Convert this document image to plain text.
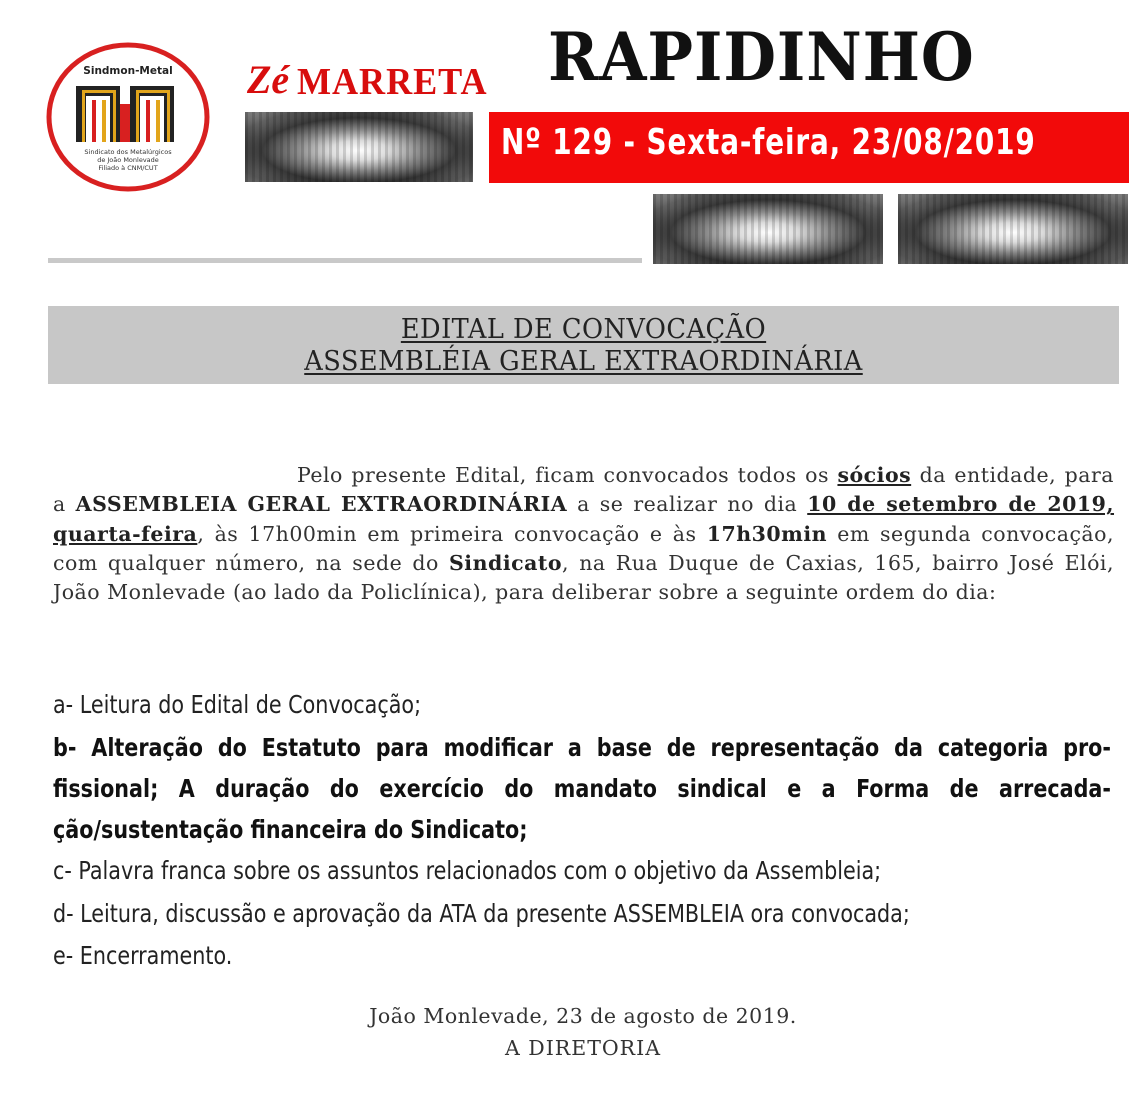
Sindmon-Metal
Sindicato dos Metalúrgicos
de João Monlevade
Filiado à CNM/CUT
Zé MARRETA RAPIDINHO
Nº 129 - Sexta-feira, 23/08/2019
EDITAL DE CONVOCAÇÃO
ASSEMBLÉIA GERAL EXTRAORDINÁRIA

Pelo presente Edital, ficam convocados todos os sócios da entidade, para a ASSEMBLEIA GERAL EXTRAORDINÁRIA a se realizar no dia 10 de setembro de 2019, quarta-feira, às 17h00min em primeira convocação e às 17h30min em segunda convocação, com qualquer número, na sede do Sindicato, na Rua Duque de Caxias, 165, bairro José Elói, João Monlevade (ao lado da Policlínica), para deliberar sobre a seguinte ordem do dia:

a- Leitura do Edital de Convocação;
b- Alteração do Estatuto para modificar a base de representação da categoria profissional; A duração do exercício do mandato sindical e a Forma de arrecadação/sustentação financeira do Sindicato;
c- Palavra franca sobre os assuntos relacionados com o objetivo da Assembleia;
d- Leitura, discussão e aprovação da ATA da presente ASSEMBLEIA ora convocada;
e- Encerramento.
João Monlevade, 23 de agosto de 2019.
A DIRETORIA
